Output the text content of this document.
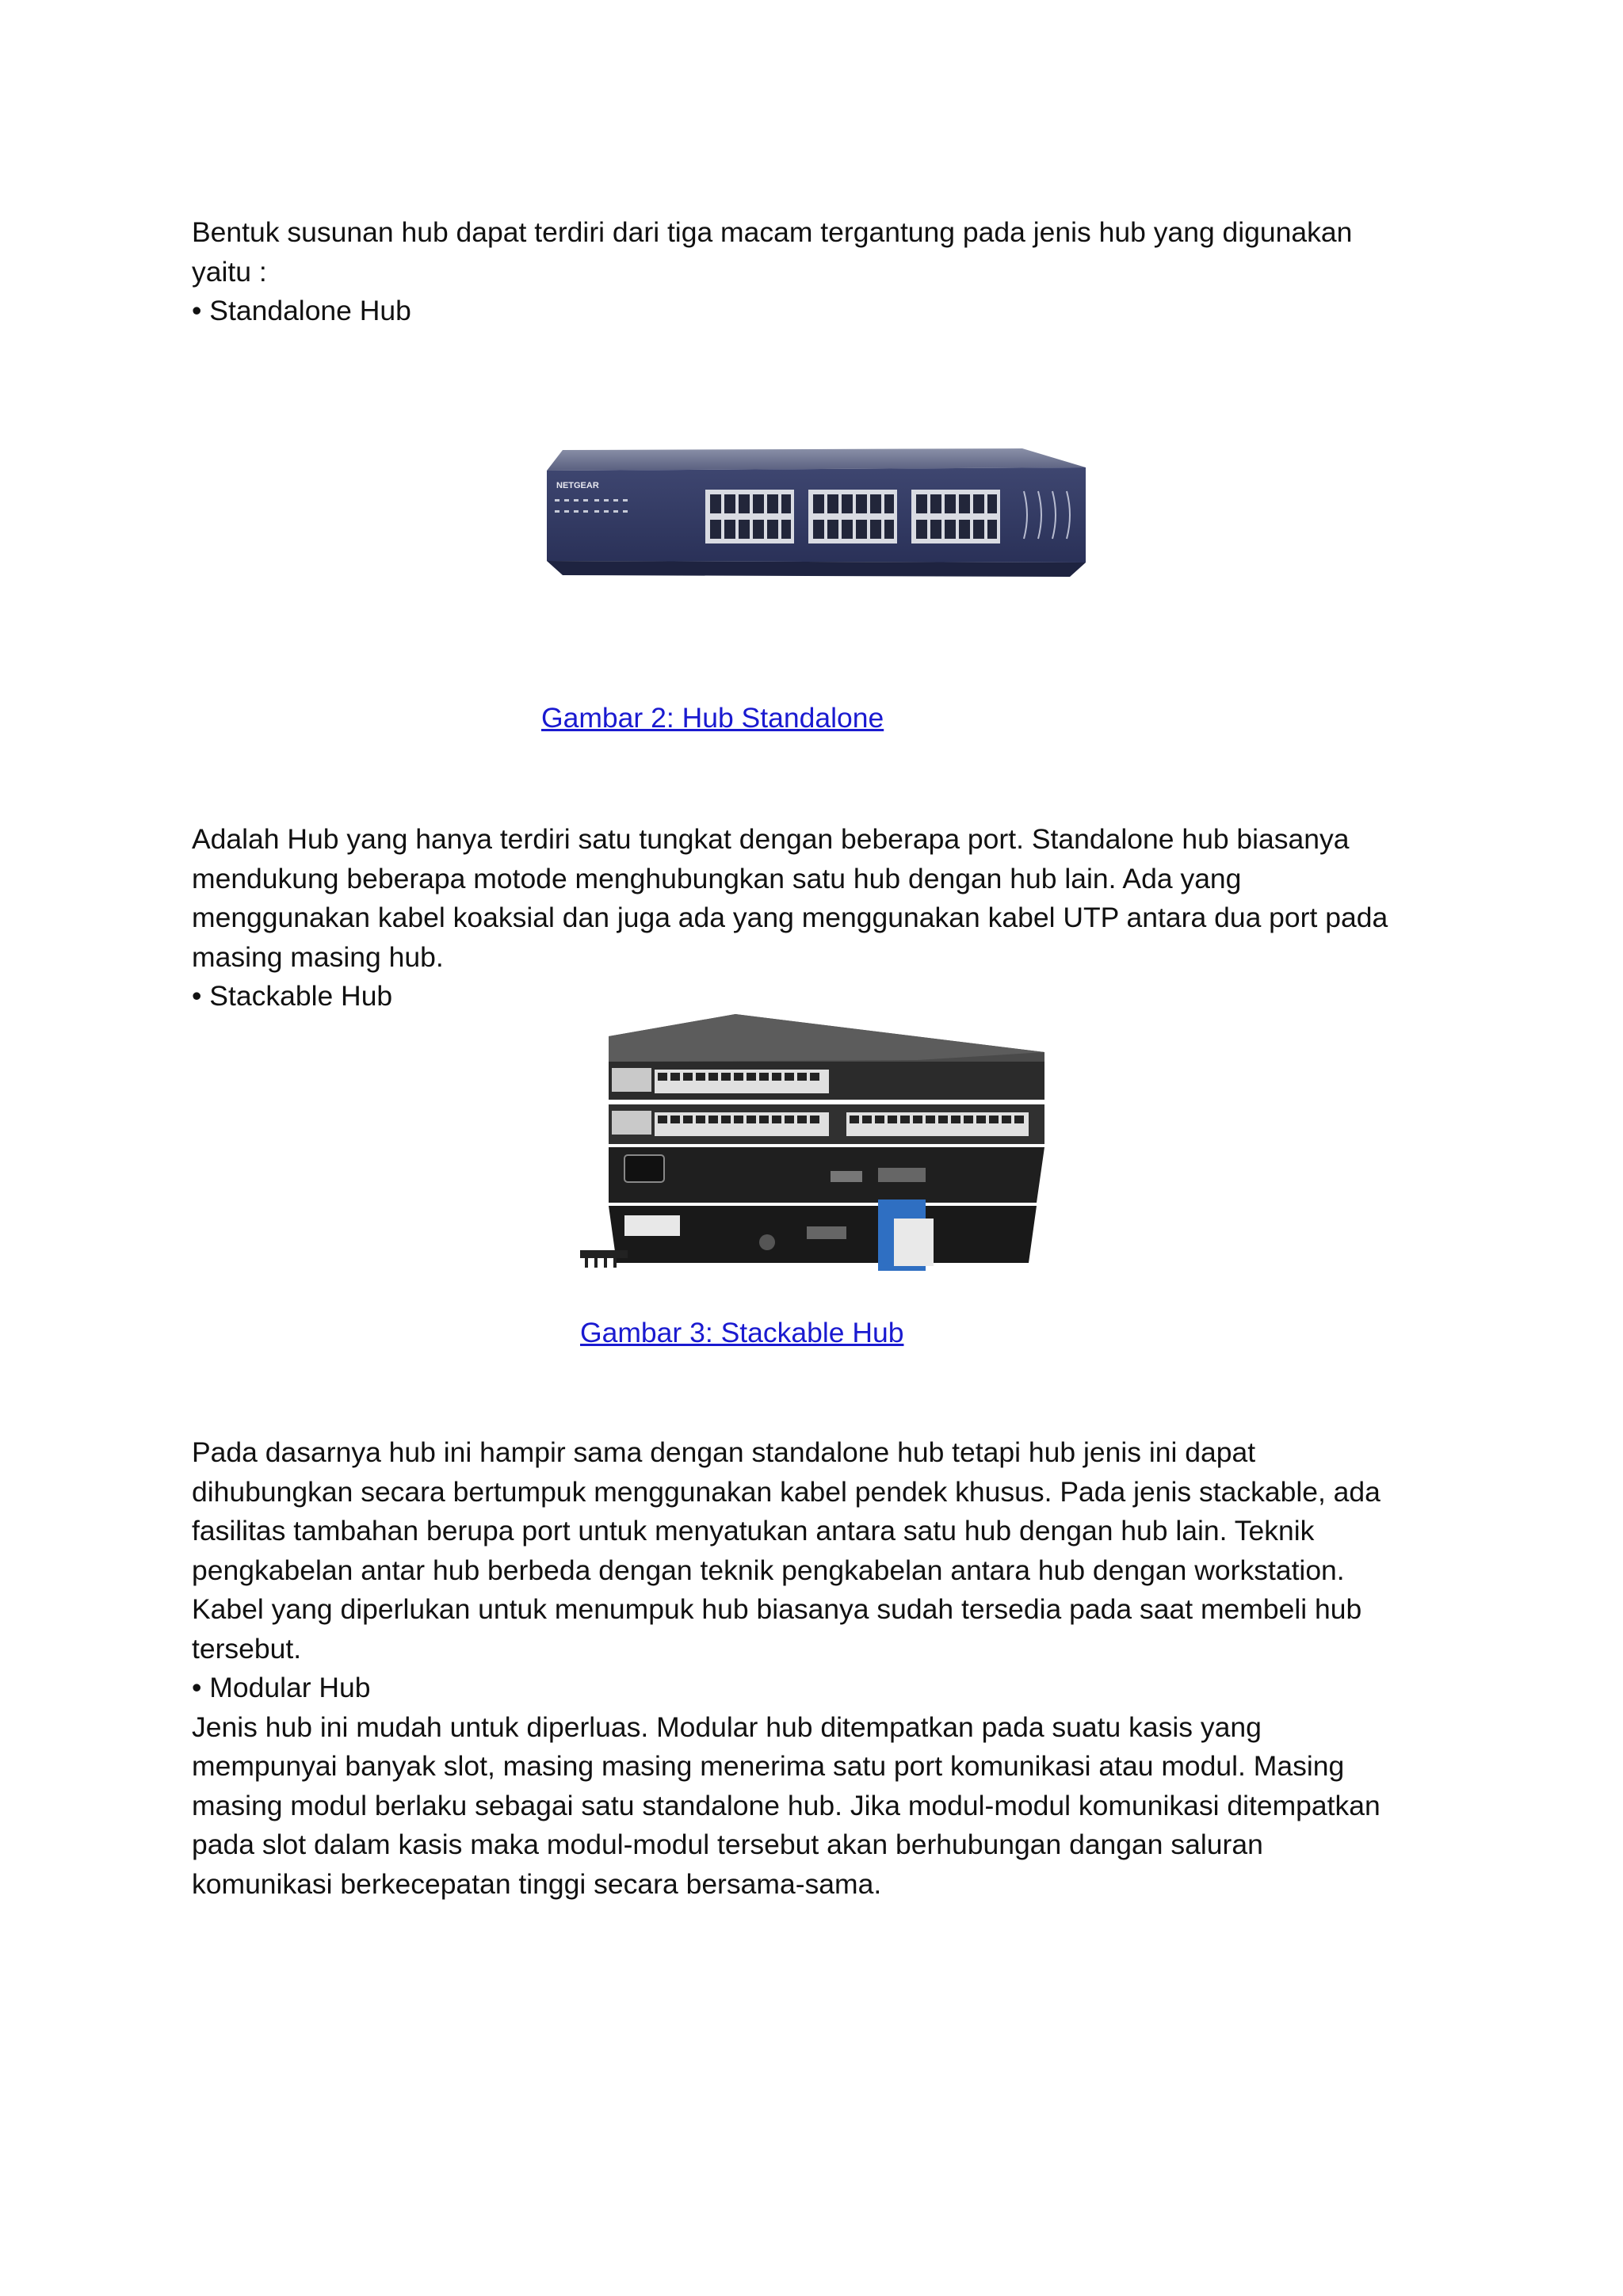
Bentuk susunan hub dapat terdiri dari tiga macam tergantung pada jenis hub yang digunakan

yaitu :

• Standalone Hub

NETGEAR
Gambar 2: Hub Standalone

Adalah Hub yang hanya terdiri satu tungkat dengan beberapa port. Standalone hub biasanya

mendukung beberapa motode menghubungkan satu hub dengan hub lain. Ada yang

menggunakan kabel koaksial dan juga ada yang menggunakan kabel UTP antara dua port pada

masing masing hub.

• Stackable Hub

Gambar 3: Stackable Hub

Pada dasarnya hub ini hampir sama dengan standalone hub tetapi hub jenis ini dapat

dihubungkan secara bertumpuk menggunakan kabel pendek khusus. Pada jenis stackable, ada

fasilitas tambahan berupa port untuk menyatukan antara satu hub dengan hub lain. Teknik

pengkabelan antar hub berbeda dengan teknik pengkabelan antara hub dengan workstation.

Kabel yang diperlukan untuk menumpuk hub biasanya sudah tersedia pada saat membeli hub

tersebut.

• Modular Hub

Jenis hub ini mudah untuk diperluas. Modular hub ditempatkan pada suatu kasis yang

mempunyai banyak slot, masing masing menerima satu port komunikasi atau modul. Masing

masing modul berlaku sebagai satu standalone hub. Jika modul-modul komunikasi ditempatkan

pada slot dalam kasis maka modul-modul tersebut akan berhubungan dangan saluran

komunikasi berkecepatan tinggi secara bersama-sama.
